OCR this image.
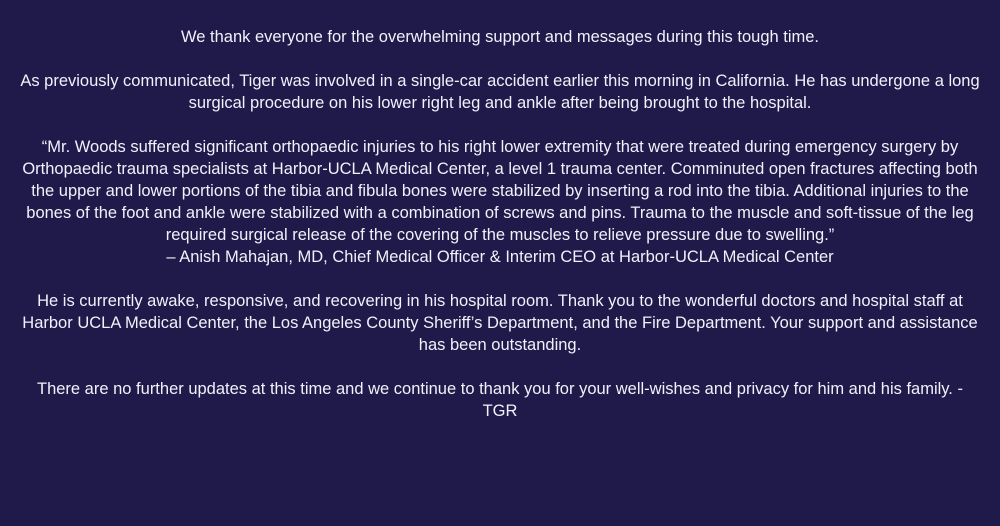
We thank everyone for the overwhelming support and messages during this tough time.

As previously communicated, Tiger was involved in a single-car accident earlier this morning in California. He has undergone a long surgical procedure on his lower right leg and ankle after being brought to the hospital.

“Mr. Woods suffered significant orthopaedic injuries to his right lower extremity that were treated during emergency surgery by Orthopaedic trauma specialists at Harbor-UCLA Medical Center, a level 1 trauma center. Comminuted open fractures affecting both the upper and lower portions of the tibia and fibula bones were stabilized by inserting a rod into the tibia. Additional injuries to the bones of the foot and ankle were stabilized with a combination of screws and pins. Trauma to the muscle and soft-tissue of the leg required surgical release of the covering of the muscles to relieve pressure due to swelling.”
– Anish Mahajan, MD, Chief Medical Officer & Interim CEO at Harbor-UCLA Medical Center

He is currently awake, responsive, and recovering in his hospital room. Thank you to the wonderful doctors and hospital staff at Harbor UCLA Medical Center, the Los Angeles County Sheriff’s Department, and the Fire Department. Your support and assistance has been outstanding.

There are no further updates at this time and we continue to thank you for your well-wishes and privacy for him and his family. - TGR
